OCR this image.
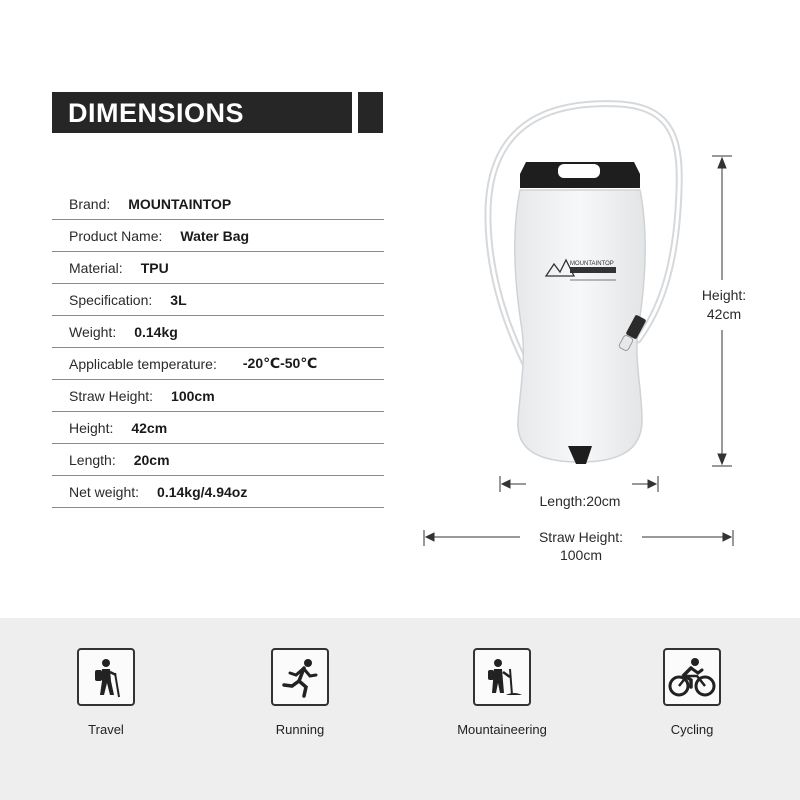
DIMENSIONS
Brand: MOUNTAINTOP
Product Name: Water Bag
Material: TPU
Specification: 3L
Weight: 0.14kg
Applicable temperature: -20℃-50℃
Straw Height: 100cm
Height: 42cm
Length: 20cm
Net weight: 0.14kg/4.94oz
MOUNTAINTOP
Height:
42cm
Length:20cm
Straw Height:
100cm
Travel	Running	Mountaineering	Cycling
